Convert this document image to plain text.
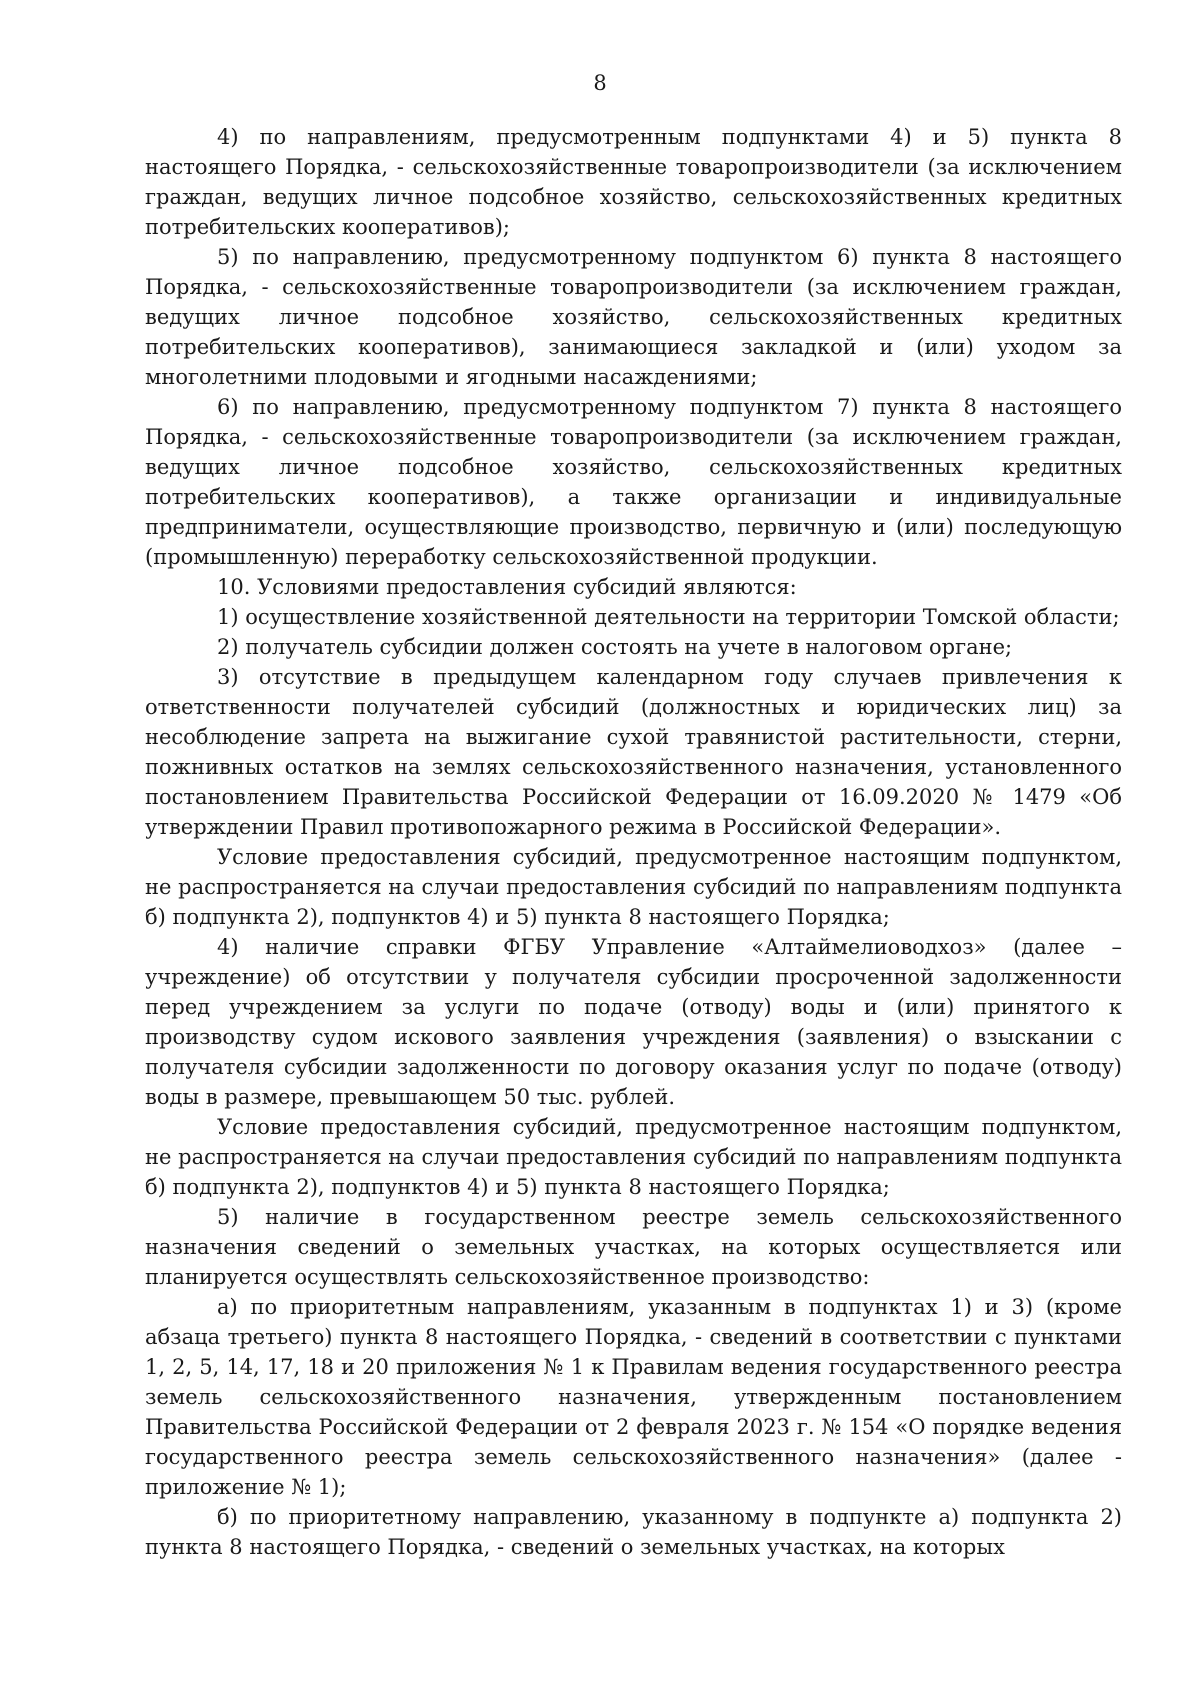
8

4) по направлениям, предусмотренным подпунктами 4) и 5) пункта 8 настоящего Порядка, - сельскохозяйственные товаропроизводители (за исключением граждан, ведущих личное подсобное хозяйство, сельскохозяйственных кредитных потребительских кооперативов);

5) по направлению, предусмотренному подпунктом 6) пункта 8 настоящего Порядка, - сельскохозяйственные товаропроизводители (за исключением граждан, ведущих личное подсобное хозяйство, сельскохозяйственных кредитных потребительских кооперативов), занимающиеся закладкой и (или) уходом за многолетними плодовыми и ягодными насаждениями;

6) по направлению, предусмотренному подпунктом 7) пункта 8 настоящего Порядка, - сельскохозяйственные товаропроизводители (за исключением граждан, ведущих личное подсобное хозяйство, сельскохозяйственных кредитных потребительских кооперативов), а также организации и индивидуальные предприниматели, осуществляющие производство, первичную и (или) последующую (промышленную) переработку сельскохозяйственной продукции.

10. Условиями предоставления субсидий являются:

1) осуществление хозяйственной деятельности на территории Томской области;

2) получатель субсидии должен состоять на учете в налоговом органе;

3) отсутствие в предыдущем календарном году случаев привлечения к ответственности получателей субсидий (должностных и юридических лиц) за несоблюдение запрета на выжигание сухой травянистой растительности, стерни, пожнивных остатков на землях сельскохозяйственного назначения, установленного постановлением Правительства Российской Федерации от 16.09.2020 № 1479 «Об утверждении Правил противопожарного режима в Российской Федерации».

Условие предоставления субсидий, предусмотренное настоящим подпунктом, не распространяется на случаи предоставления субсидий по направлениям подпункта б) подпункта 2), подпунктов 4) и 5) пункта 8 настоящего Порядка;

4) наличие справки ФГБУ Управление «Алтаймелиоводхоз» (далее – учреждение) об отсутствии у получателя субсидии просроченной задолженности перед учреждением за услуги по подаче (отводу) воды и (или) принятого к производству судом искового заявления учреждения (заявления) о взыскании с получателя субсидии задолженности по договору оказания услуг по подаче (отводу) воды в размере, превышающем 50 тыс. рублей.

Условие предоставления субсидий, предусмотренное настоящим подпунктом, не распространяется на случаи предоставления субсидий по направлениям подпункта б) подпункта 2), подпунктов 4) и 5) пункта 8 настоящего Порядка;

5) наличие в государственном реестре земель сельскохозяйственного назначения сведений о земельных участках, на которых осуществляется или планируется осуществлять сельскохозяйственное производство:

а) по приоритетным направлениям, указанным в подпунктах 1) и 3) (кроме абзаца третьего) пункта 8 настоящего Порядка, - сведений в соответствии с пунктами 1, 2, 5, 14, 17, 18 и 20 приложения № 1 к Правилам ведения государственного реестра земель сельскохозяйственного назначения, утвержденным постановлением Правительства Российской Федерации от 2 февраля 2023 г. № 154 «О порядке ведения государственного реестра земель сельскохозяйственного назначения» (далее - приложение № 1);

б) по приоритетному направлению, указанному в подпункте а) подпункта 2) пункта 8 настоящего Порядка, - сведений о земельных участках, на которых
